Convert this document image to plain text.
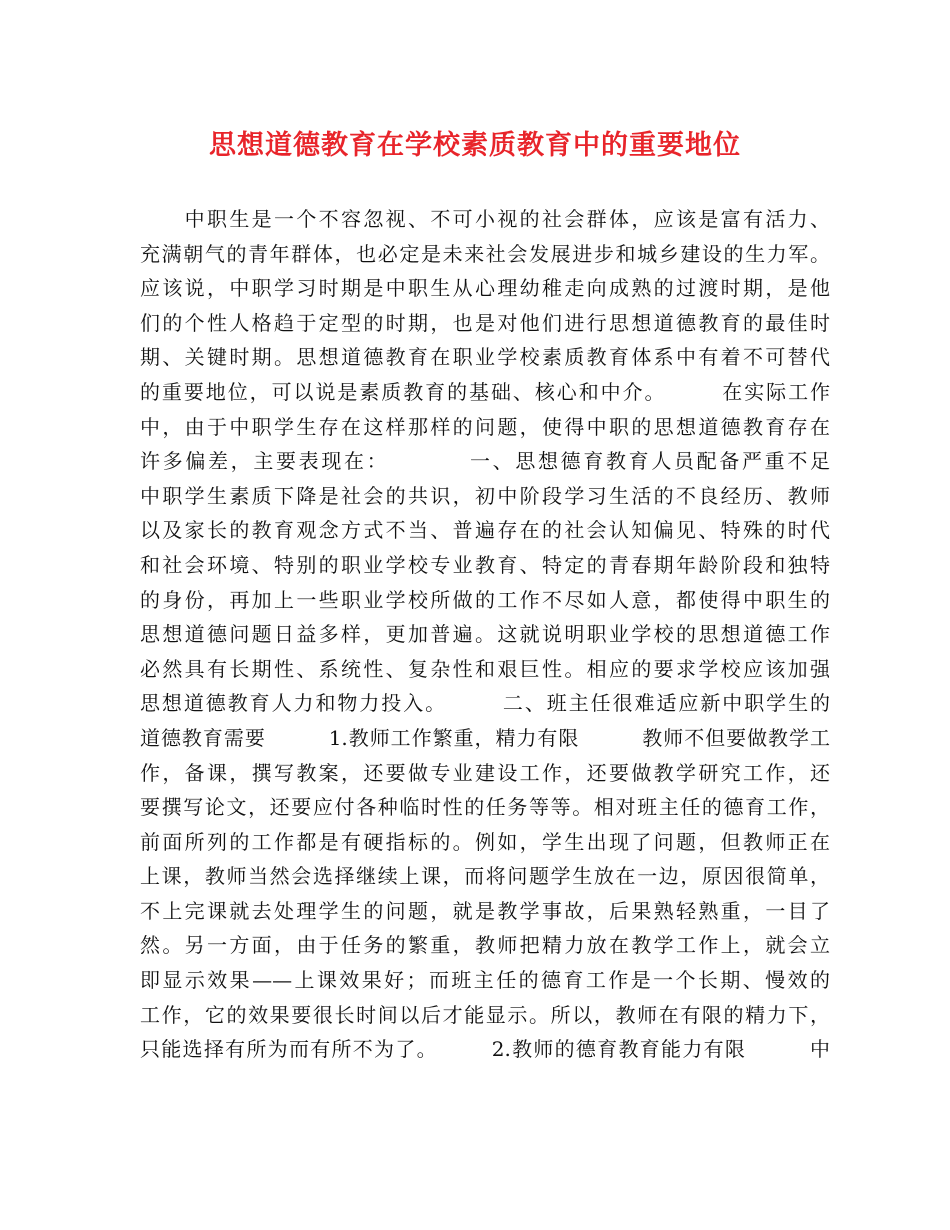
思想道德教育在学校素质教育中的重要地位
　　中职生是一个不容忽视、不可小视的社会群体，应该是富有活力、
充满朝气的青年群体，也必定是未来社会发展进步和城乡建设的生力军。
应该说，中职学习时期是中职生从心理幼稚走向成熟的过渡时期，是他
们的个性人格趋于定型的时期，也是对他们进行思想道德教育的最佳时
期、关键时期。思想道德教育在职业学校素质教育体系中有着不可替代
的重要地位，可以说是素质教育的基础、核心和中介。　　　在实际工作
中，由于中职学生存在这样那样的问题，使得中职的思想道德教育存在
许多偏差，主要表现在：　　　　一、思想德育教育人员配备严重不足
中职学生素质下降是社会的共识，初中阶段学习生活的不良经历、教师
以及家长的教育观念方式不当、普遍存在的社会认知偏见、特殊的时代
和社会环境、特别的职业学校专业教育、特定的青春期年龄阶段和独特
的身份，再加上一些职业学校所做的工作不尽如人意，都使得中职生的
思想道德问题日益多样，更加普遍。这就说明职业学校的思想道德工作
必然具有长期性、系统性、复杂性和艰巨性。相应的要求学校应该加强
思想道德教育人力和物力投入。　　　二、班主任很难适应新中职学生的
道德教育需要　　　1.教师工作繁重，精力有限　　　教师不但要做教学工
作，备课，撰写教案，还要做专业建设工作，还要做教学研究工作，还
要撰写论文，还要应付各种临时性的任务等等。相对班主任的德育工作，
前面所列的工作都是有硬指标的。例如，学生出现了问题，但教师正在
上课，教师当然会选择继续上课，而将问题学生放在一边，原因很简单，
不上完课就去处理学生的问题，就是教学事故，后果熟轻熟重，一目了
然。另一方面，由于任务的繁重，教师把精力放在教学工作上，就会立
即显示效果——上课效果好；而班主任的德育工作是一个长期、慢效的
工作，它的效果要很长时间以后才能显示。所以，教师在有限的精力下，
只能选择有所为而有所不为了。　　　2.教师的德育教育能力有限　　　中
